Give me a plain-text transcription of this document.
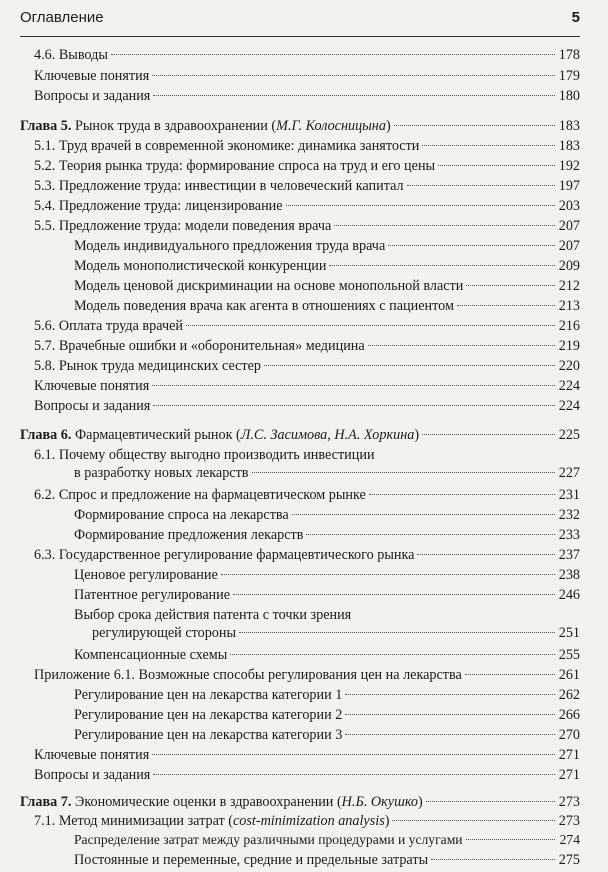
Оглавление	5
4.6. Выводы	178
Ключевые понятия	179
Вопросы и задания	180
Глава 5. Рынок труда в здравоохранении (М.Г. Колосницына)	183
5.1. Труд врачей в современной экономике: динамика занятости	183
5.2. Теория рынка труда: формирование спроса на труд и его цены	192
5.3. Предложение труда: инвестиции в человеческий капитал	197
5.4. Предложение труда: лицензирование	203
5.5. Предложение труда: модели поведения врача	207
Модель индивидуального предложения труда врача	207
Модель монополистической конкуренции	209
Модель ценовой дискриминации на основе монопольной власти	212
Модель поведения врача как агента в отношениях с пациентом	213
5.6. Оплата труда врачей	216
5.7. Врачебные ошибки и «оборонительная» медицина	219
5.8. Рынок труда медицинских сестер	220
Ключевые понятия	224
Вопросы и задания	224
Глава 6. Фармацевтический рынок (Л.С. Засимова, Н.А. Хоркина)	225
6.1. Почему обществу выгодно производить инвестиции
в разработку новых лекарств	227
6.2. Спрос и предложение на фармацевтическом рынке	231
Формирование спроса на лекарства	232
Формирование предложения лекарств	233
6.3. Государственное регулирование фармацевтического рынка	237
Ценовое регулирование	238
Патентное регулирование	246
Выбор срока действия патента с точки зрения
регулирующей стороны	251
Компенсационные схемы	255
Приложение 6.1. Возможные способы регулирования цен на лекарства	261
Регулирование цен на лекарства категории 1	262
Регулирование цен на лекарства категории 2	266
Регулирование цен на лекарства категории 3	270
Ключевые понятия	271
Вопросы и задания	271
Глава 7. Экономические оценки в здравоохранении (Н.Б. Окушко)	273
7.1. Метод минимизации затрат ( cost-minimization analysis )	273
Распределение затрат между различными процедурами и услугами	274
Постоянные и переменные, средние и предельные затраты	275
